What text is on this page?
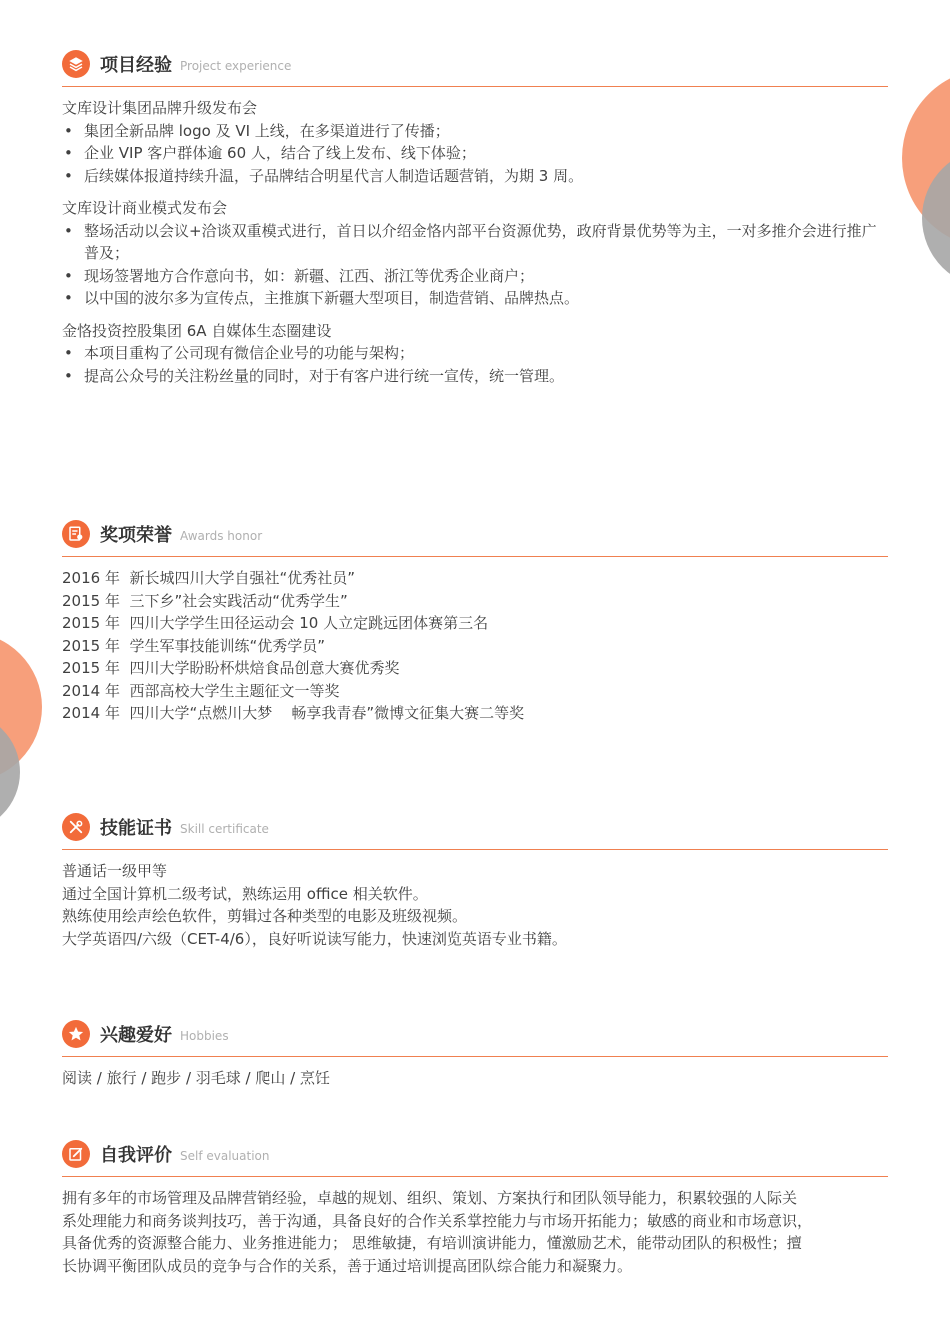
项目经验 Project experience
文库设计集团品牌升级发布会
• 集团全新品牌 logo 及 VI 上线，在多渠道进行了传播；
• 企业 VIP 客户群体逾 60 人，结合了线上发布、线下体验；
• 后续媒体报道持续升温，子品牌结合明星代言人制造话题营销，为期 3 周。
文库设计商业模式发布会
• 整场活动以会议+洽谈双重模式进行，首日以介绍金恪内部平台资源优势，政府背景优势等为主，一对多推介会进行推广普及；
• 现场签署地方合作意向书，如：新疆、江西、浙江等优秀企业商户；
• 以中国的波尔多为宣传点，主推旗下新疆大型项目，制造营销、品牌热点。
金恪投资控股集团 6A 自媒体生态圈建设
• 本项目重构了公司现有微信企业号的功能与架构；
• 提高公众号的关注粉丝量的同时，对于有客户进行统一宣传，统一管理。
奖项荣誉 Awards honor
2016 年  新长城四川大学自强社“优秀社员”
2015 年  三下乡”社会实践活动“优秀学生”
2015 年  四川大学学生田径运动会 10 人立定跳远团体赛第三名
2015 年  学生军事技能训练“优秀学员”
2015 年  四川大学盼盼杯烘焙食品创意大赛优秀奖
2014 年  西部高校大学生主题征文一等奖
2014 年  四川大学“点燃川大梦    畅享我青春”微博文征集大赛二等奖
技能证书 Skill certificate
普通话一级甲等
通过全国计算机二级考试，熟练运用 office 相关软件。
熟练使用绘声绘色软件，剪辑过各种类型的电影及班级视频。
大学英语四/六级（CET-4/6），良好听说读写能力，快速浏览英语专业书籍。
兴趣爱好 Hobbies
阅读 / 旅行 / 跑步 / 羽毛球 / 爬山 / 烹饪
自我评价 Self evaluation
拥有多年的市场管理及品牌营销经验，卓越的规划、组织、策划、方案执行和团队领导能力，积累较强的人际关
系处理能力和商务谈判技巧，善于沟通，具备良好的合作关系掌控能力与市场开拓能力；敏感的商业和市场意识，
具备优秀的资源整合能力、业务推进能力； 思维敏捷，有培训演讲能力，懂激励艺术，能带动团队的积极性；擅
长协调平衡团队成员的竞争与合作的关系，善于通过培训提高团队综合能力和凝聚力。
